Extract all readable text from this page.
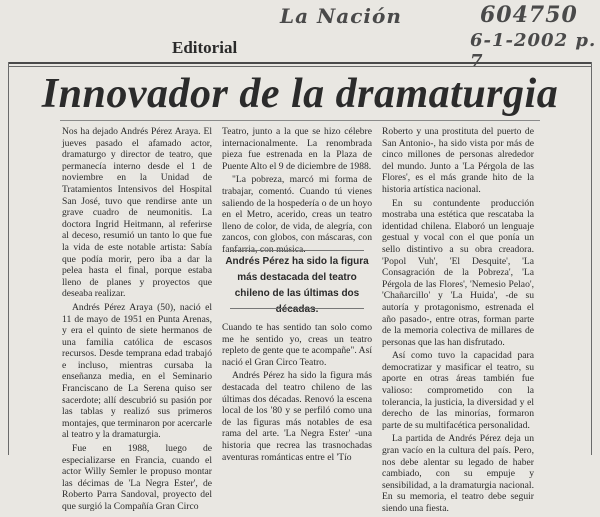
La Nación	604750
6-1-2002 p. 7
Editorial
Innovador de la dramaturgia

Nos ha dejado Andrés Pérez Araya. El jueves pasado el afamado actor, dramaturgo y director de teatro, que permanecía interno desde el 1 de noviembre en la Unidad de Tratamientos Intensivos del Hospital San José, tuvo que rendirse ante un grave cuadro de neumonitis. La doctora Ingrid Heitmann, al referirse al deceso, resumió un tanto lo que fue la vida de este notable artista: Sabía que podía morir, pero iba a dar la pelea hasta el final, porque estaba lleno de planes y proyectos que deseaba realizar.

Andrés Pérez Araya (50), nació el 11 de mayo de 1951 en Punta Arenas, y era el quinto de siete hermanos de una familia católica de escasos recursos. Desde temprana edad trabajó e incluso, mientras cursaba la enseñanza media, en el Seminario Franciscano de La Serena quiso ser sacerdote; allí descubrió su pasión por las tablas y realizó sus primeros montajes, que terminaron por acercarle al teatro y la dramaturgia.

Fue en 1988, luego de especializarse en Francia, cuando el actor Willy Semler le propuso montar las décimas de 'La Negra Ester', de Roberto Parra Sandoval, proyecto del que surgió la Compañía Gran Circo

Teatro, junto a la que se hizo célebre internacionalmente. La renombrada pieza fue estrenada en la Plaza de Puente Alto el 9 de diciembre de 1988.

"La pobreza, marcó mi forma de trabajar, comentó. Cuando tú vienes saliendo de la hospedería o de un hoyo en el Metro, acerido, creas un teatro lleno de color, de vida, de alegría, con zancos, con globos, con máscaras, con fanfarria, con música.

Andrés Pérez ha sido la figura más destacada del teatro chileno de las últimas dos décadas.

Cuando te has sentido tan solo como me he sentido yo, creas un teatro repleto de gente que te acompañe". Así nació el Gran Circo Teatro.

Andrés Pérez ha sido la figura más destacada del teatro chileno de las últimas dos décadas. Renovó la escena local de los '80 y se perfiló como una de las figuras más notables de esa rama del arte. 'La Negra Ester' -una historia que recrea las trasnochadas aventuras románticas entre el 'Tío

Roberto y una prostituta del puerto de San Antonio-, ha sido vista por más de cinco millones de personas alrededor del mundo. Junto a 'La Pérgola de las Flores', es el más grande hito de la historia artística nacional.

En su contundente producción mostraba una estética que rescataba la identidad chilena. Elaboró un lenguaje gestual y vocal con el que ponía un sello distintivo a su obra creadora. 'Popol Vuh', 'El Desquite', 'La Consagración de la Pobreza', 'La Pérgola de las Flores', 'Nemesio Pelao', 'Chañarcillo' y 'La Huida', -de su autoría y protagonismo, estrenada el año pasado-, entre otras, forman parte de la memoria colectiva de millares de personas que las han disfrutado.

Así como tuvo la capacidad para democratizar y masificar el teatro, su aporte en otras áreas también fue valioso: comprometido con la tolerancia, la justicia, la diversidad y el derecho de las minorías, formaron parte de su multifacética personalidad.

La partida de Andrés Pérez deja un gran vacío en la cultura del país. Pero, nos debe alentar su legado de haber cambiado, con su empuje y sensibilidad, a la dramaturgia nacional. En su memoria, el teatro debe seguir siendo una fiesta.
